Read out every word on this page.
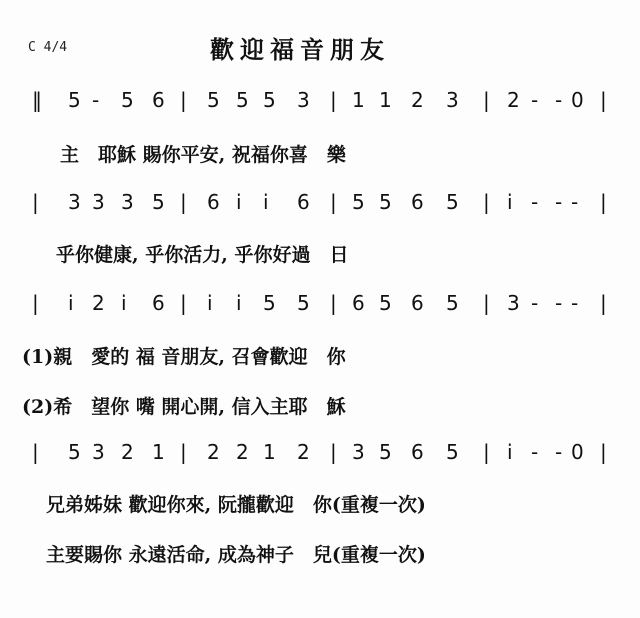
C 4/4	歡迎福音朋友
‖ 5 - 5 6 | 5 5 5 3 | 1 1 2 3 | 2 - - 0 |
主　耶穌 賜你平安, 祝福你喜　樂
| 3 3 3 5 | 6 i i 6 | 5 5 6 5 | i - - - |
乎你健康, 乎你活力, 乎你好過　日
| i 2 i 6 | i i 5 5 | 6 5 6 5 | 3 - - - |
(1)親　愛的 福 音朋友, 召會歡迎　你
(2)希　望你 嘴 開心開, 信入主耶　穌
| 5 3 2 1 | 2 2 1 2 | 3 5 6 5 | i - - 0 |
兄弟姊妹 歡迎你來, 阮攏歡迎　你(重複一次)
主要賜你 永遠活命, 成為神子　兒(重複一次)
